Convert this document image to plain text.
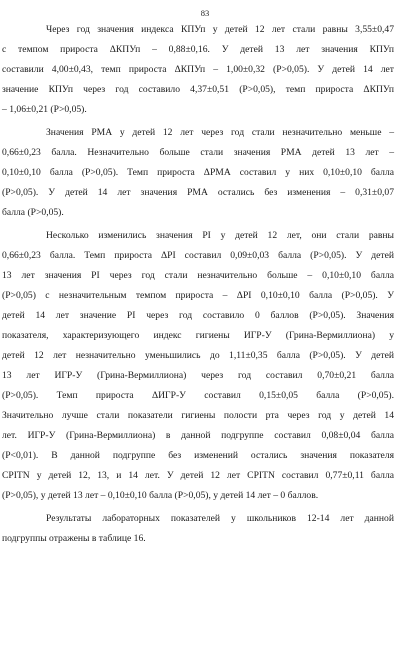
83
Через год значения индекса КПУп у детей 12 лет стали равны 3,55±0,47
с темпом прироста ΔКПУп – 0,88±0,16. У детей 13 лет значения КПУп
составили 4,00±0,43, темп прироста ΔКПУп – 1,00±0,32 (Р>0,05). У детей 14 лет
значение КПУп через год составило 4,37±0,51 (Р>0,05), темп прироста ΔКПУп
– 1,06±0,21 (Р>0,05).
Значения РМА у детей 12 лет через год стали незначительно меньше –
0,66±0,23 балла. Незначительно больше стали значения РМА детей 13 лет –
0,10±0,10 балла (Р>0,05). Темп прироста ΔРМА составил у них 0,10±0,10 балла
(Р>0,05). У детей 14 лет значения РМА остались без изменения – 0,31±0,07
балла (Р>0,05).
Несколько изменились значения PI у детей 12 лет, они стали равны
0,66±0,23 балла. Темп прироста ΔPI составил 0,09±0,03 балла (Р>0,05). У детей
13 лет значения PI через год стали незначительно больше – 0,10±0,10 балла
(Р>0,05) с незначительным темпом прироста – ΔPI 0,10±0,10 балла (Р>0,05). У
детей 14 лет значение PI через год составило 0 баллов (Р>0,05). Значения
показателя, характеризующего индекс гигиены ИГР-У (Грина-Вермиллиона) у
детей 12 лет незначительно уменьшились до 1,11±0,35 балла (Р>0,05). У детей
13 лет ИГР-У (Грина-Вермиллиона) через год составил 0,70±0,21 балла
(Р>0,05). Темп прироста ΔИГР-У составил 0,15±0,05 балла (Р>0,05).
Значительно лучше стали показатели гигиены полости рта через год у детей 14
лет. ИГР-У (Грина-Вермиллиона) в данной подгруппе составил 0,08±0,04 балла
(Р<0,01). В данной подгруппе без изменений остались значения показателя
CPITN у детей 12, 13, и 14 лет. У детей 12 лет CPITN составил 0,77±0,11 балла
(Р>0,05), у детей 13 лет – 0,10±0,10 балла (Р>0,05), у детей 14 лет – 0 баллов.
Результаты лабораторных показателей у школьников 12-14 лет данной
подгруппы отражены в таблице 16.
